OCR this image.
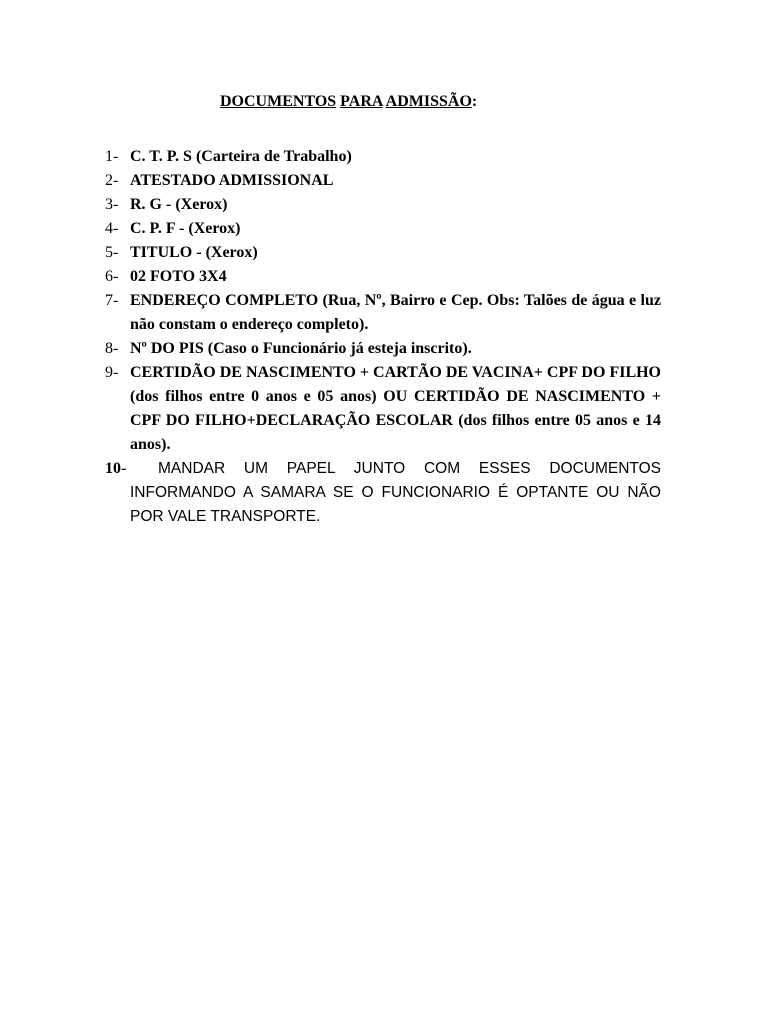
DOCUMENTOS PARA ADMISSÃO:
1- C. T. P. S (Carteira de Trabalho)
2- ATESTADO ADMISSIONAL
3- R. G - (Xerox)
4- C. P. F - (Xerox)
5- TITULO - (Xerox)
6- 02 FOTO 3X4
7- ENDEREÇO COMPLETO (Rua, Nº, Bairro e Cep. Obs: Talões de água e luz não constam o endereço completo).
8- Nº DO PIS (Caso o Funcionário já esteja inscrito).
9- CERTIDÃO DE NASCIMENTO + CARTÃO DE VACINA+ CPF DO FILHO (dos filhos entre 0 anos e 05 anos) OU CERTIDÃO DE NASCIMENTO + CPF DO FILHO+DECLARAÇÃO ESCOLAR (dos filhos entre 05 anos e 14 anos).
10-	MANDAR UM PAPEL JUNTO COM ESSES DOCUMENTOS INFORMANDO A SAMARA SE O FUNCIONARIO É OPTANTE OU NÃO POR VALE TRANSPORTE.
